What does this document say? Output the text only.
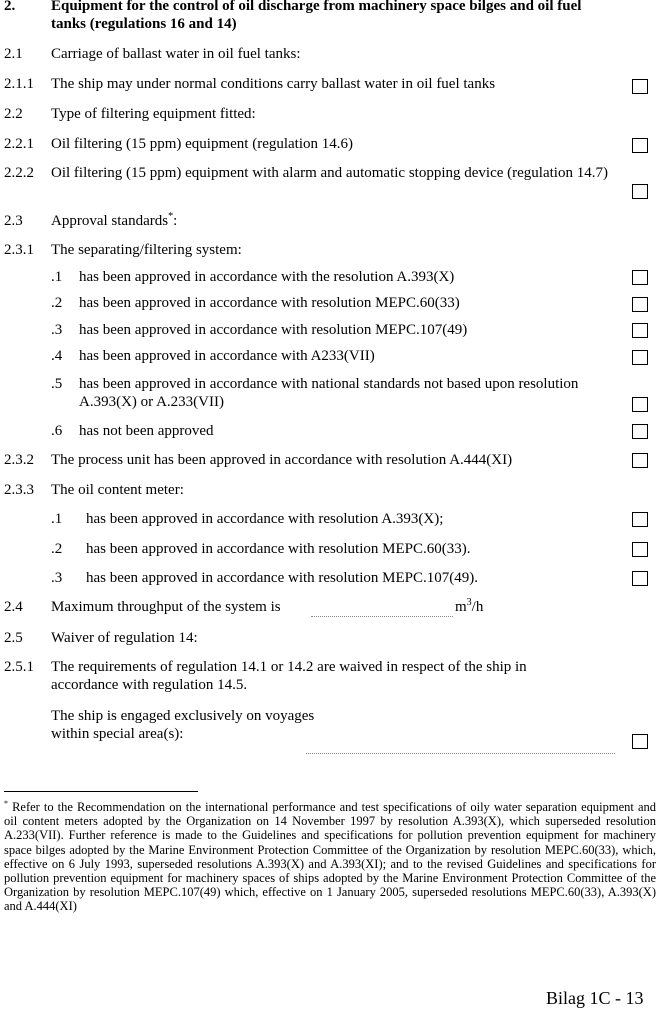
2. Equipment for the control of oil discharge from machinery space bilges and oil fuel tanks (regulations 16 and 14)
2.1 Carriage of ballast water in oil fuel tanks:
2.1.1 The ship may under normal conditions carry ballast water in oil fuel tanks
2.2 Type of filtering equipment fitted:
2.2.1 Oil filtering (15 ppm) equipment (regulation 14.6)
2.2.2 Oil filtering (15 ppm) equipment with alarm and automatic stopping device (regulation 14.7)
2.3 Approval standards*:
2.3.1 The separating/filtering system:
.1 has been approved in accordance with the resolution A.393(X)
.2 has been approved in accordance with resolution MEPC.60(33)
.3 has been approved in accordance with resolution MEPC.107(49)
.4 has been approved in accordance with A233(VII)
.5 has been approved in accordance with national standards not based upon resolution A.393(X) or A.233(VII)
.6 has not been approved
2.3.2 The process unit has been approved in accordance with resolution A.444(XI)
2.3.3 The oil content meter:
.1 has been approved in accordance with resolution A.393(X);
.2 has been approved in accordance with resolution MEPC.60(33).
.3 has been approved in accordance with resolution MEPC.107(49).
2.4 Maximum throughput of the system is	$m^3/h$
2.5 Waiver of regulation 14:
2.5.1 The requirements of regulation 14.1 or 14.2 are waived in respect of the ship in accordance with regulation 14.5.
The ship is engaged exclusively on voyages within special area(s):
* Refer to the Recommendation on the international performance and test specifications of oily water separation equipment and oil content meters adopted by the Organization on 14 November 1997 by resolution A.393(X), which superseded resolution A.233(VII). Further reference is made to the Guidelines and specifications for pollution prevention equipment for machinery space bilges adopted by the Marine Environment Protection Committee of the Organization by resolution MEPC.60(33), which, effective on 6 July 1993, superseded resolutions A.393(X) and A.393(XI); and to the revised Guidelines and specifications for pollution prevention equipment for machinery spaces of ships adopted by the Marine Environment Protection Committee of the Organization by resolution MEPC.107(49) which, effective on 1 January 2005, superseded resolutions MEPC.60(33), A.393(X) and A.444(XI)
Bilag 1C - 13
